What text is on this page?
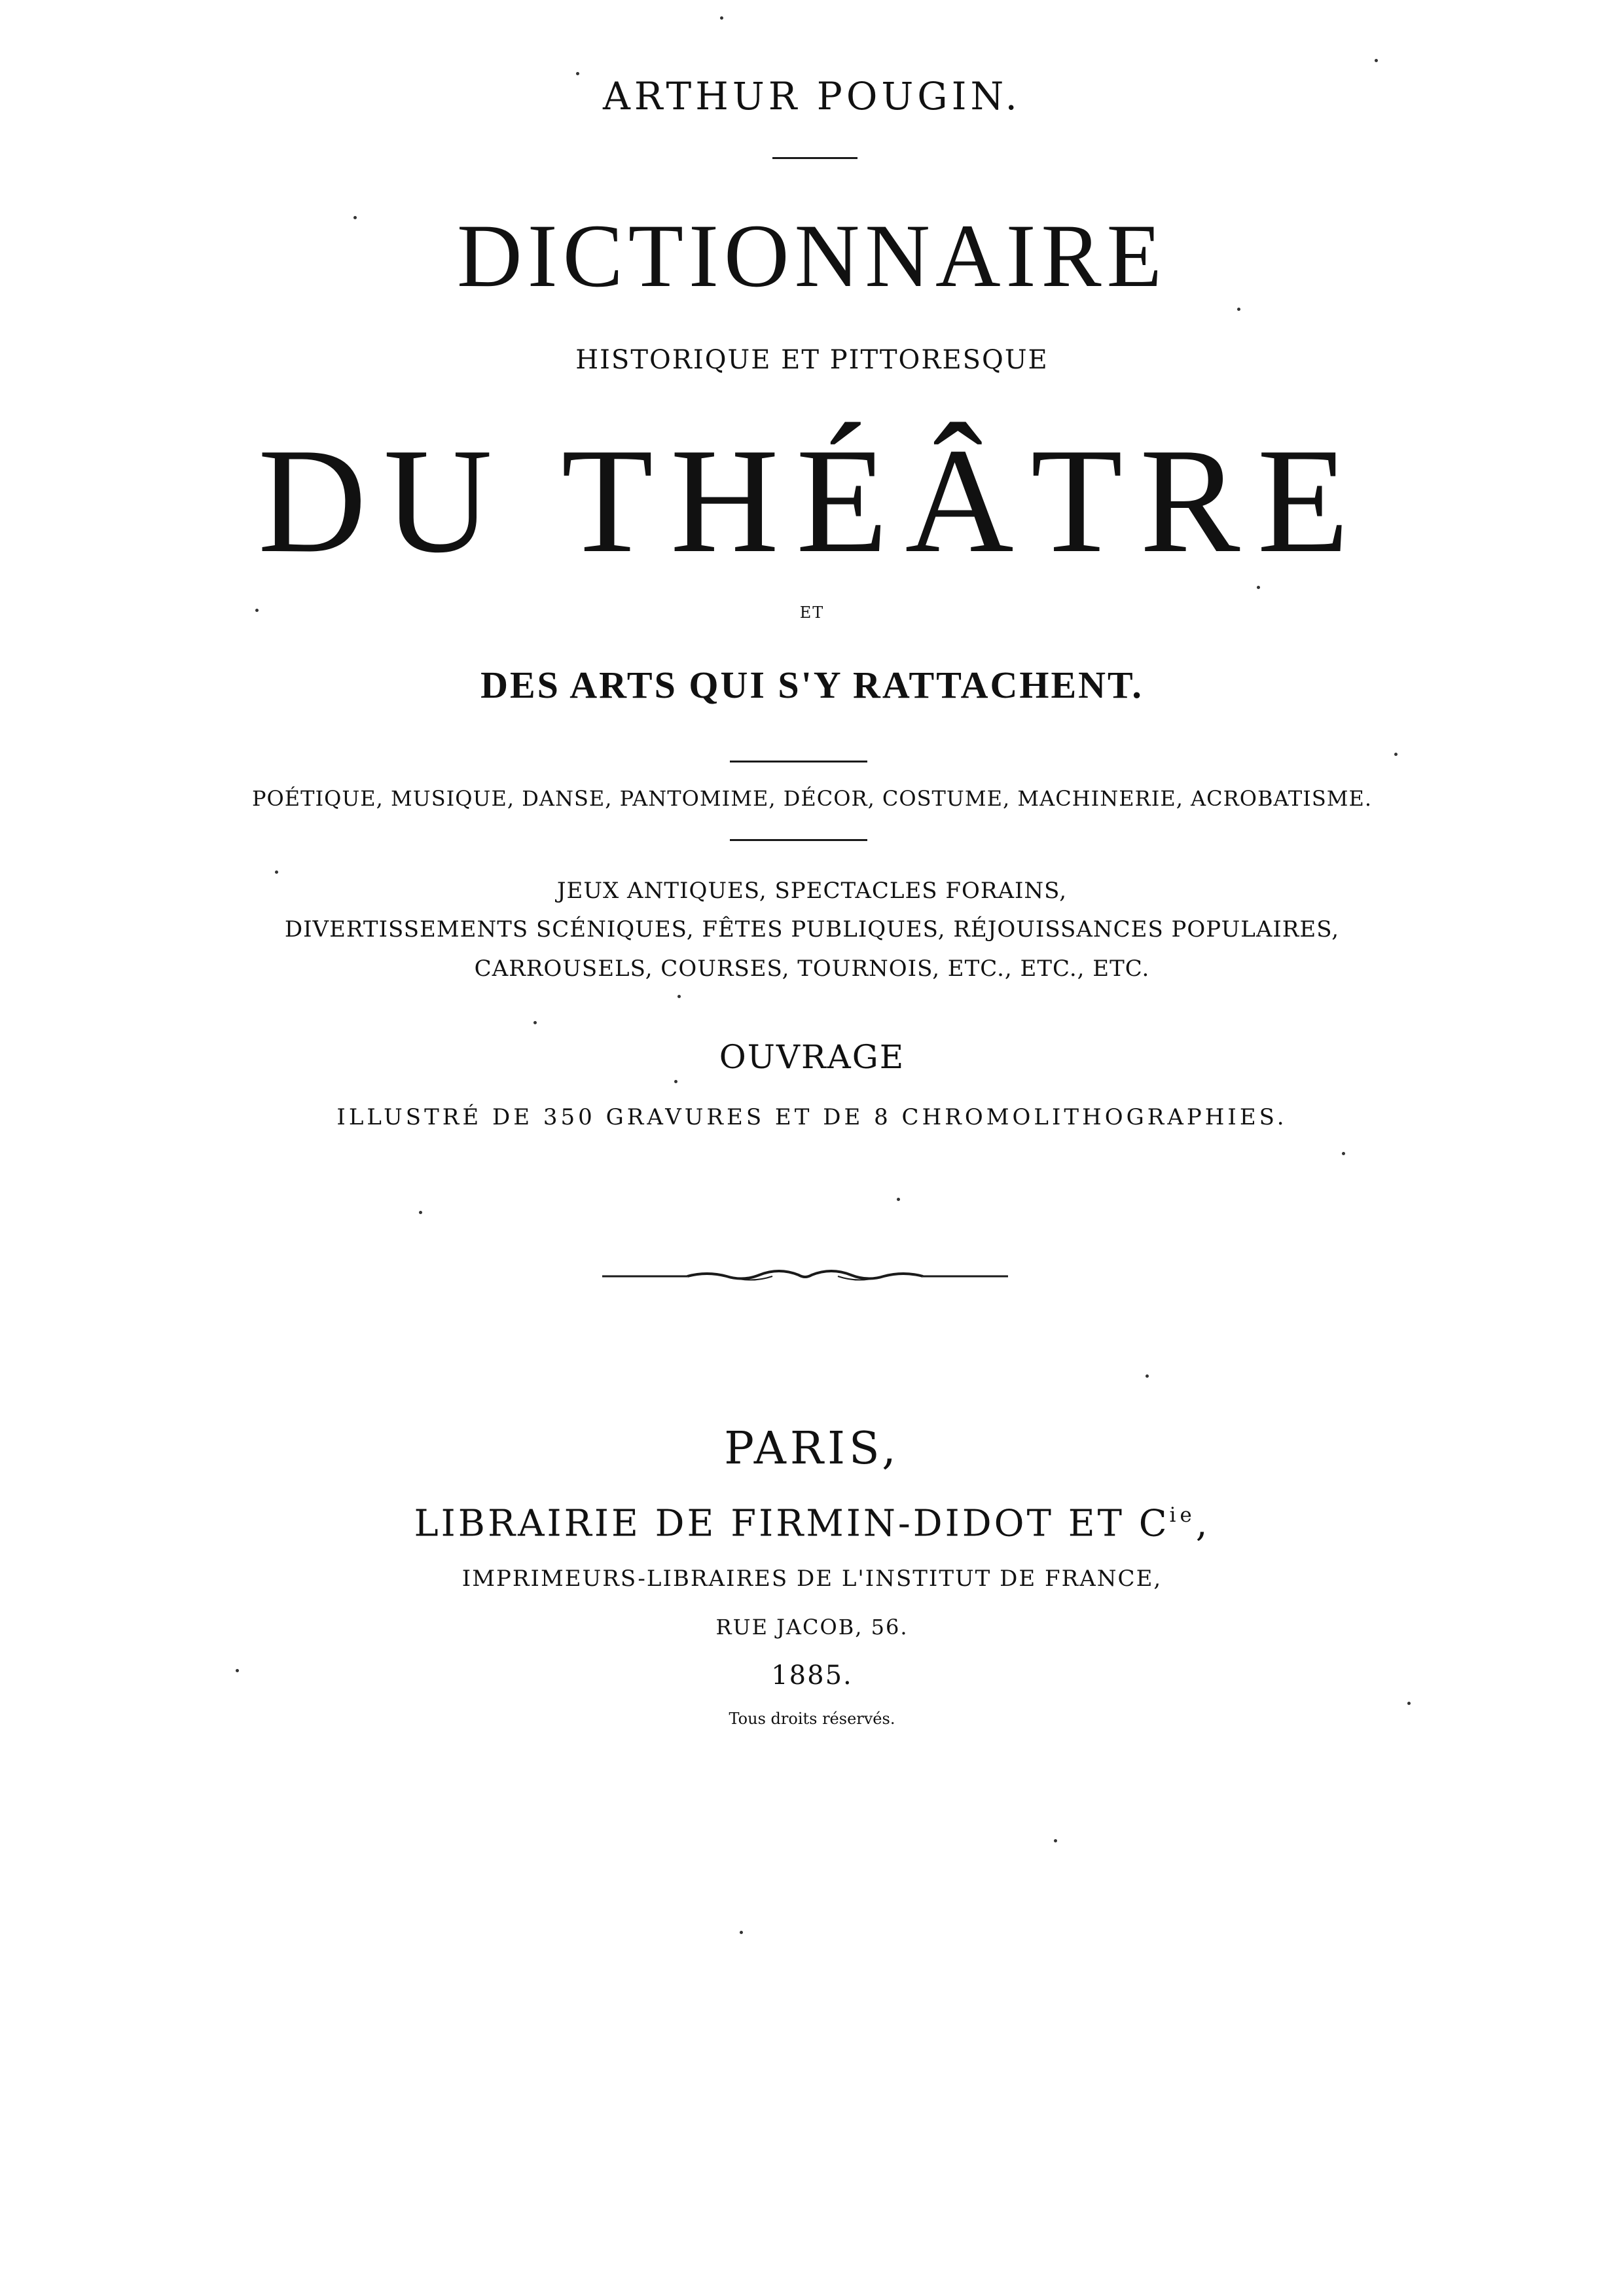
ARTHUR POUGIN.
DICTIONNAIRE
HISTORIQUE ET PITTORESQUE
DU THÉÂTRE
ET
DES ARTS QUI S'Y RATTACHENT.
POÉTIQUE, MUSIQUE, DANSE, PANTOMIME, DÉCOR, COSTUME, MACHINERIE, ACROBATISME.
JEUX ANTIQUES, SPECTACLES FORAINS,
DIVERTISSEMENTS SCÉNIQUES, FÊTES PUBLIQUES, RÉJOUISSANCES POPULAIRES,
CARROUSELS, COURSES, TOURNOIS, ETC., ETC., ETC.
OUVRAGE
ILLUSTRÉ DE 350 GRAVURES ET DE 8 CHROMOLITHOGRAPHIES.
PARIS,
LIBRAIRIE DE FIRMIN-DIDOT ET $C^{ie}$,
IMPRIMEURS-LIBRAIRES DE L'INSTITUT DE FRANCE,
RUE JACOB, 56.
1885.
Tous droits réservés.
